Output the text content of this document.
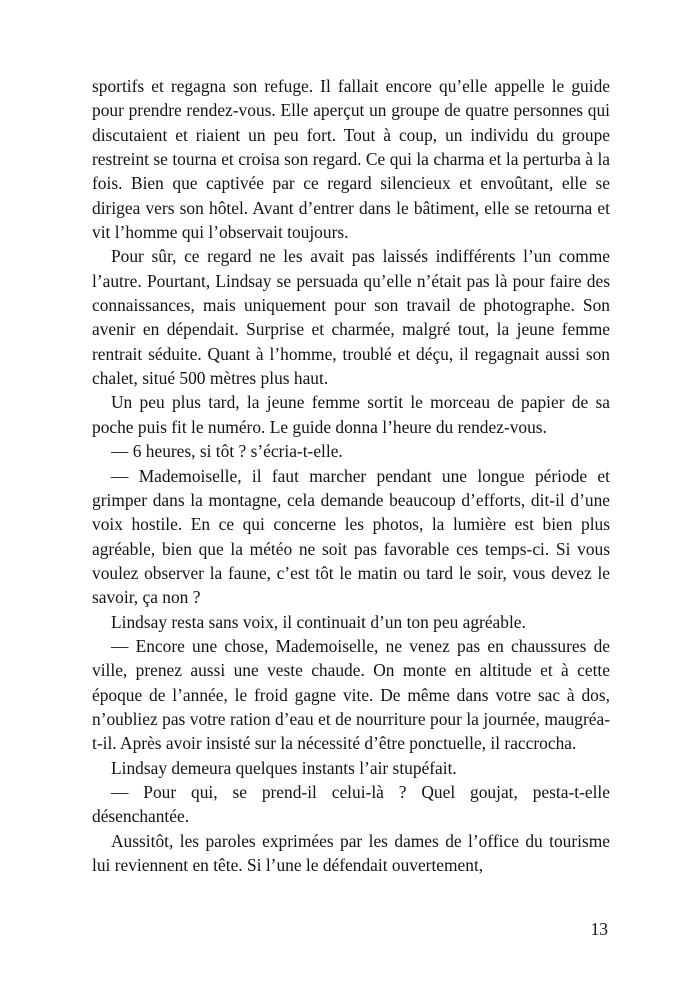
sportifs et regagna son refuge. Il fallait encore qu’elle appelle le guide pour prendre rendez-vous. Elle aperçut un groupe de quatre personnes qui discutaient et riaient un peu fort. Tout à coup, un individu du groupe restreint se tourna et croisa son regard. Ce qui la charma et la perturba à la fois. Bien que captivée par ce regard silencieux et envoûtant, elle se dirigea vers son hôtel. Avant d’entrer dans le bâtiment, elle se retourna et vit l’homme qui l’observait toujours.

Pour sûr, ce regard ne les avait pas laissés indifférents l’un comme l’autre. Pourtant, Lindsay se persuada qu’elle n’était pas là pour faire des connaissances, mais uniquement pour son travail de photographe. Son avenir en dépendait. Surprise et charmée, malgré tout, la jeune femme rentrait séduite. Quant à l’homme, troublé et déçu, il regagnait aussi son chalet, situé 500 mètres plus haut.

Un peu plus tard, la jeune femme sortit le morceau de papier de sa poche puis fit le numéro. Le guide donna l’heure du rendez-vous.

— 6 heures, si tôt ? s’écria-t-elle.

— Mademoiselle, il faut marcher pendant une longue période et grimper dans la montagne, cela demande beaucoup d’efforts, dit-il d’une voix hostile. En ce qui concerne les photos, la lumière est bien plus agréable, bien que la météo ne soit pas favorable ces temps-ci. Si vous voulez observer la faune, c’est tôt le matin ou tard le soir, vous devez le savoir, ça non ?

Lindsay resta sans voix, il continuait d’un ton peu agréable.

— Encore une chose, Mademoiselle, ne venez pas en chaussures de ville, prenez aussi une veste chaude. On monte en altitude et à cette époque de l’année, le froid gagne vite. De même dans votre sac à dos, n’oubliez pas votre ration d’eau et de nourriture pour la journée, maugréa-t-il. Après avoir insisté sur la nécessité d’être ponctuelle, il raccrocha.

Lindsay demeura quelques instants l’air stupéfait.

— Pour qui, se prend-il celui-là ? Quel goujat, pesta-t-elle désenchantée.

Aussitôt, les paroles exprimées par les dames de l’office du tourisme lui reviennent en tête. Si l’une le défendait ouvertement,

13
